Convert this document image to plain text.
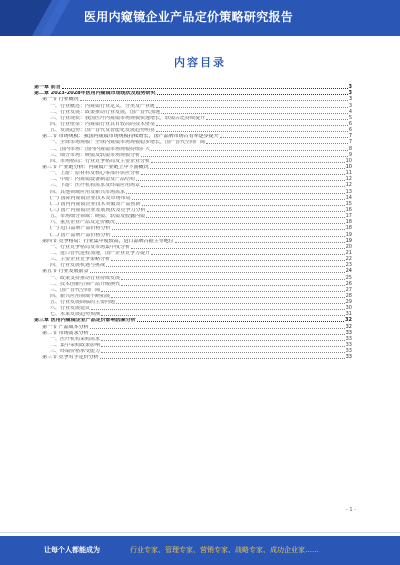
医用内窥镜企业产品定价策略研究报告
内容目录
第一章 前言	3
第二章 2023-2028年医用内窥镜市场现状及趋势研究	3
第一节 行业概况	3
一、行业概述：内窥镜行业定义、分类及产业链	3
二、行业发展：政策推动行业发展，国产替代加速	4
三、行业现状：我国医疗内窥镜市场规模快速增长，软镜占比持续提升	5
四、行业壁垒：内窥镜行业具有较高的技术壁垒	6
五、发展趋势：国产替代及智能化发展趋势明显	6
第二节 市场规模：我国内窥镜市场规模持续增长，国产品牌市场占有率逐步提升	7
一、全球市场规模：全球内窥镜市场规模稳步增长，国产替代空间广阔	7
二、国内市场：国内内窥镜市场规模持续扩大	8
三、细分市场：硬镜及软镜市场规模分析	9
四、市场格局：行业竞争格局及主要企业分析	10
第三节 产业链分析：内窥镜产业链上中下游概况	10
一、上游：原材料及核心零部件供应分析	11
二、中游：内窥镜设备制造及产品结构	12
三、下游：医疗机构需求及终端应用场景	12
四、其他领域应用及新兴市场需求	13
(一) 国际内窥镜企业技术及市场布局	14
(二) 国内内窥镜企业技术突破及产品创新	15
(三) 国产内窥镜企业发展现状及竞争力分析	16
五、市场细分领域：硬镜、软镜及胶囊内镜	17
六、重点企业产品及定价概况	18
(一) 进口品牌产品价格分析	18
(二) 国产品牌产品价格分析	19
第四节 竞争格局：行业集中度较高，进口品牌占据主导地位	19
一、行业竞争格局及市场集中度分析	20
二、进口替代进程加速，国产企业竞争力提升	21
三、主要企业竞争策略分析	22
四、行业发展机遇与挑战	23
第五节 行业发展前景	24
一、政策支持推动行业持续发展	25
二、技术创新引领产品升级换代	26
三、国产替代空间广阔	27
四、新兴应用领域不断拓展	28
五、行业发展面临的主要问题	29
六、行业发展建议	30
七、未来发展趋势预测	31
第三章 医用内窥镜企业产品定价影响因素分析	32
第一节 产品成本分析	32
第二节 市场需求分析	33
一、医疗机构采购需求	33
二、集中采购政策影响	33
三、终端价格承受能力	33
第三节 竞争对手定价分析	33
- 1 -
让每个人都能成为	行业专家、管理专家、营销专家、战略专家、成功企业家……
